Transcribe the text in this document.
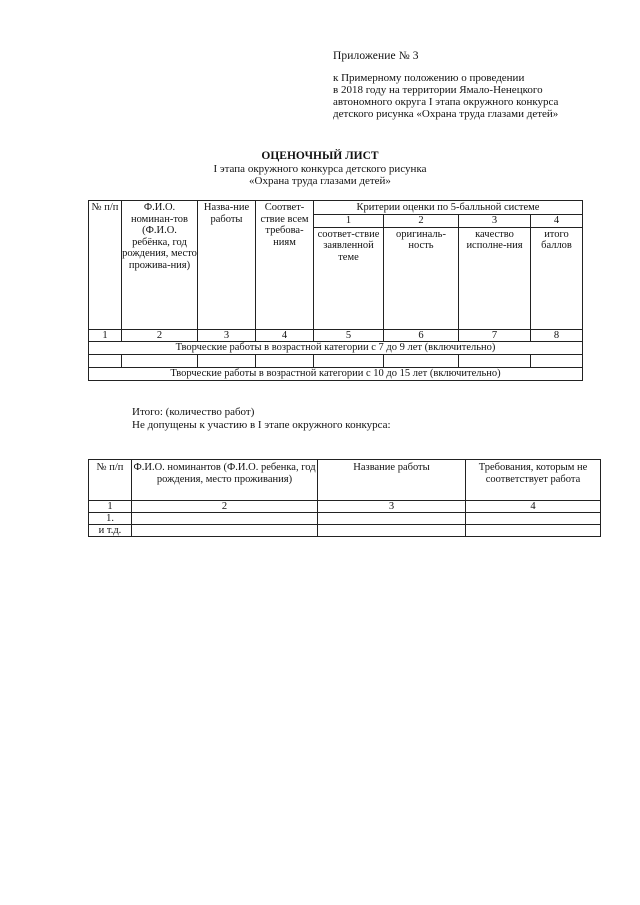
Приложение № 3
к Примерному положению о проведении
в 2018 году на территории Ямало-Ненецкого
автономного округа I этапа окружного конкурса
детского рисунка «Охрана труда глазами детей»
ОЦЕНОЧНЫЙ ЛИСТ
I этапа окружного конкурса детского рисунка
«Охрана труда глазами детей»
№ п/п	Ф.И.О. номинан-тов (Ф.И.О. ребёнка, год рождения, место прожива-ния)	Назва-ние работы	Соответ-ствие всем требова-ниям	Критерии оценки по 5-балльной системе			
				1	2	3	4
				соответ-ствие заявленной теме	оригиналь-ность	качество исполне-ния	итого баллов
1	2	3	4	5	6	7	8
Творческие работы в возрастной категории с 7 до 9 лет (включительно)							

Творческие работы в возрастной категории с 10 до 15 лет (включительно)							
Итого: (количество работ)
Не допущены к участию в I этапе окружного конкурса:
№ п/п	Ф.И.О. номинантов (Ф.И.О. ребенка, год рождения, место проживания)	Название работы	Требования, которым не соответствует работа
1	2	3	4
1.			
и т.д.			
